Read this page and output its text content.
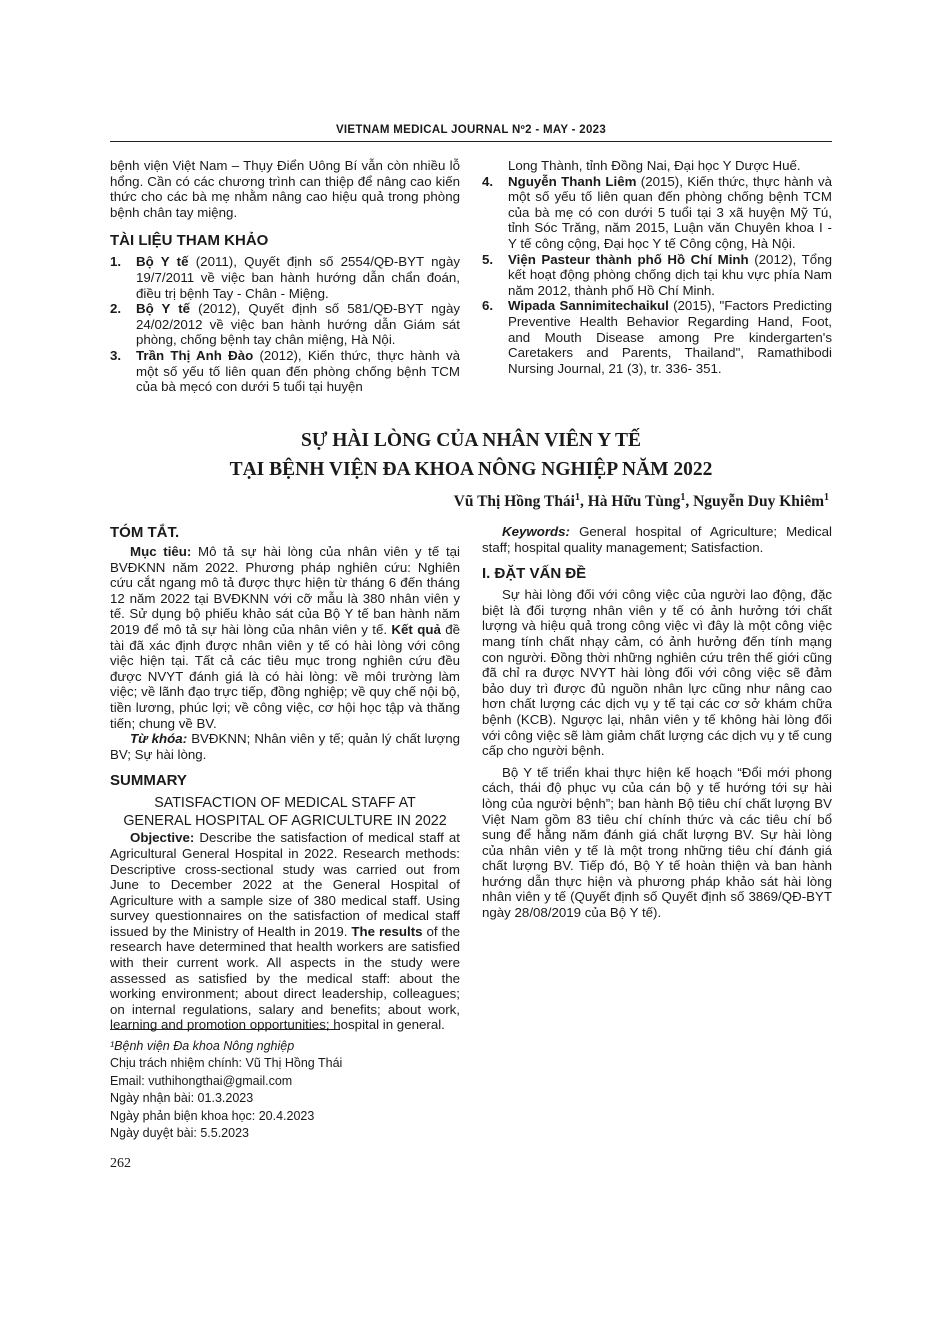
VIETNAM MEDICAL JOURNAL Nº2 - MAY - 2023

bệnh viện Việt Nam – Thụy Điển Uông Bí vẫn còn nhiều lỗ hổng. Cần có các chương trình can thiệp để nâng cao kiến thức cho các bà mẹ nhằm nâng cao hiệu quả trong phòng bệnh chân tay miệng.

TÀI LIỆU THAM KHẢO
1.	Bộ Y tế (2011), Quyết định số 2554/QĐ-BYT ngày 19/7/2011 về việc ban hành hướng dẫn chẩn đoán, điều trị bệnh Tay - Chân - Miệng.
2.	Bộ Y tế (2012), Quyết định số 581/QĐ-BYT ngày 24/02/2012 về việc ban hành hướng dẫn Giám sát phòng, chống bệnh tay chân miệng, Hà Nội.
3.	Trần Thị Anh Đào (2012), Kiến thức, thực hành và một số yếu tố liên quan đến phòng chống bệnh TCM của bà mẹcó con dưới 5 tuổi tại huyện

Long Thành, tỉnh Đồng Nai, Đại học Y Dược Huế.

4.	Nguyễn Thanh Liêm (2015), Kiến thức, thực hành và một số yếu tố liên quan đến phòng chống bệnh TCM của bà mẹ có con dưới 5 tuổi tại 3 xã huyện Mỹ Tú, tỉnh Sóc Trăng, năm 2015, Luận văn Chuyên khoa I - Y tế công cộng, Đại học Y tế Công cộng, Hà Nội.
5.	Viện Pasteur thành phố Hồ Chí Minh (2012), Tổng kết hoạt động phòng chống dịch tại khu vực phía Nam năm 2012, thành phố Hồ Chí Minh.
6.	Wipada Sannimitechaikul (2015), "Factors Predicting Preventive Health Behavior Regarding Hand, Foot, and Mouth Disease among Pre kindergarten's Caretakers and Parents, Thailand", Ramathibodi Nursing Journal, 21 (3), tr. 336- 351.
SỰ HÀI LÒNG CỦA NHÂN VIÊN Y TẾ
TẠI BỆNH VIỆN ĐA KHOA NÔNG NGHIỆP NĂM 2022
Vũ Thị Hồng Thái$^1$, Hà Hữu Tùng$^1$, Nguyễn Duy Khiêm$^1$
TÓM TẮT.

Mục tiêu: Mô tả sự hài lòng của nhân viên y tế tại BVĐKNN năm 2022. Phương pháp nghiên cứu: Nghiên cứu cắt ngang mô tả được thực hiện từ tháng 6 đến tháng 12 năm 2022 tại BVĐKNN với cỡ mẫu là 380 nhân viên y tế. Sử dụng bộ phiếu khảo sát của Bộ Y tế ban hành năm 2019 để mô tả sự hài lòng của nhân viên y tế. Kết quả đề tài đã xác định được nhân viên y tế có hài lòng với công việc hiện tại. Tất cả các tiêu mục trong nghiên cứu đều được NVYT đánh giá là có hài lòng: về môi trường làm việc; về lãnh đạo trực tiếp, đồng nghiệp; về quy chế nội bộ, tiền lương, phúc lợi; về công việc, cơ hội học tập và thăng tiến; chung về BV.

Từ khóa: BVĐKNN; Nhân viên y tế; quản lý chất lượng BV; Sự hài lòng.

SUMMARY

SATISFACTION OF MEDICAL STAFF AT GENERAL HOSPITAL OF AGRICULTURE IN 2022

Objective: Describe the satisfaction of medical staff at Agricultural General Hospital in 2022. Research methods: Descriptive cross-sectional study was carried out from June to December 2022 at the General Hospital of Agriculture with a sample size of 380 medical staff. Using survey questionnaires on the satisfaction of medical staff issued by the Ministry of Health in 2019. The results of the research have determined that health workers are satisfied with their current work. All aspects in the study were assessed as satisfied by the medical staff: about the working environment; about direct leadership, colleagues; on internal regulations, salary and benefits; about work, learning and promotion opportunities; hospital in general.

¹Bệnh viện Đa khoa Nông nghiệp
Chịu trách nhiệm chính: Vũ Thị Hồng Thái
Email: vuthihongthai@gmail.com
Ngày nhận bài: 01.3.2023
Ngày phản biện khoa học: 20.4.2023
Ngày duyệt bài: 5.5.2023

Keywords: General hospital of Agriculture; Medical staff; hospital quality management; Satisfaction.

I. ĐẶT VẤN ĐỀ

Sự hài lòng đối với công việc của người lao động, đặc biệt là đối tượng nhân viên y tế có ảnh hưởng tới chất lượng và hiệu quả trong công việc vì đây là một công việc mang tính chất nhạy cảm, có ảnh hưởng đến tính mạng con người. Đồng thời những nghiên cứu trên thế giới cũng đã chỉ ra được NVYT hài lòng đối với công việc sẽ đảm bảo duy trì được đủ nguồn nhân lực cũng như nâng cao hơn chất lượng các dịch vụ y tế tại các cơ sở khám chữa bệnh (KCB). Ngược lại, nhân viên y tế không hài lòng đối với công việc sẽ làm giảm chất lượng các dịch vụ y tế cung cấp cho người bệnh.

Bộ Y tế triển khai thực hiện kế hoạch “Đổi mới phong cách, thái độ phục vụ của cán bộ y tế hướng tới sự hài lòng của người bệnh”; ban hành Bộ tiêu chí chất lượng BV Việt Nam gồm 83 tiêu chí chính thức và các tiêu chí bổ sung để hằng năm đánh giá chất lượng BV. Sự hài lòng của nhân viên y tế là một trong những tiêu chí đánh giá chất lượng BV. Tiếp đó, Bộ Y tế hoàn thiện và ban hành hướng dẫn thực hiện và phương pháp khảo sát hài lòng nhân viên y tế (Quyết định số Quyết định số 3869/QĐ-BYT ngày 28/08/2019 của Bộ Y tế).

262
